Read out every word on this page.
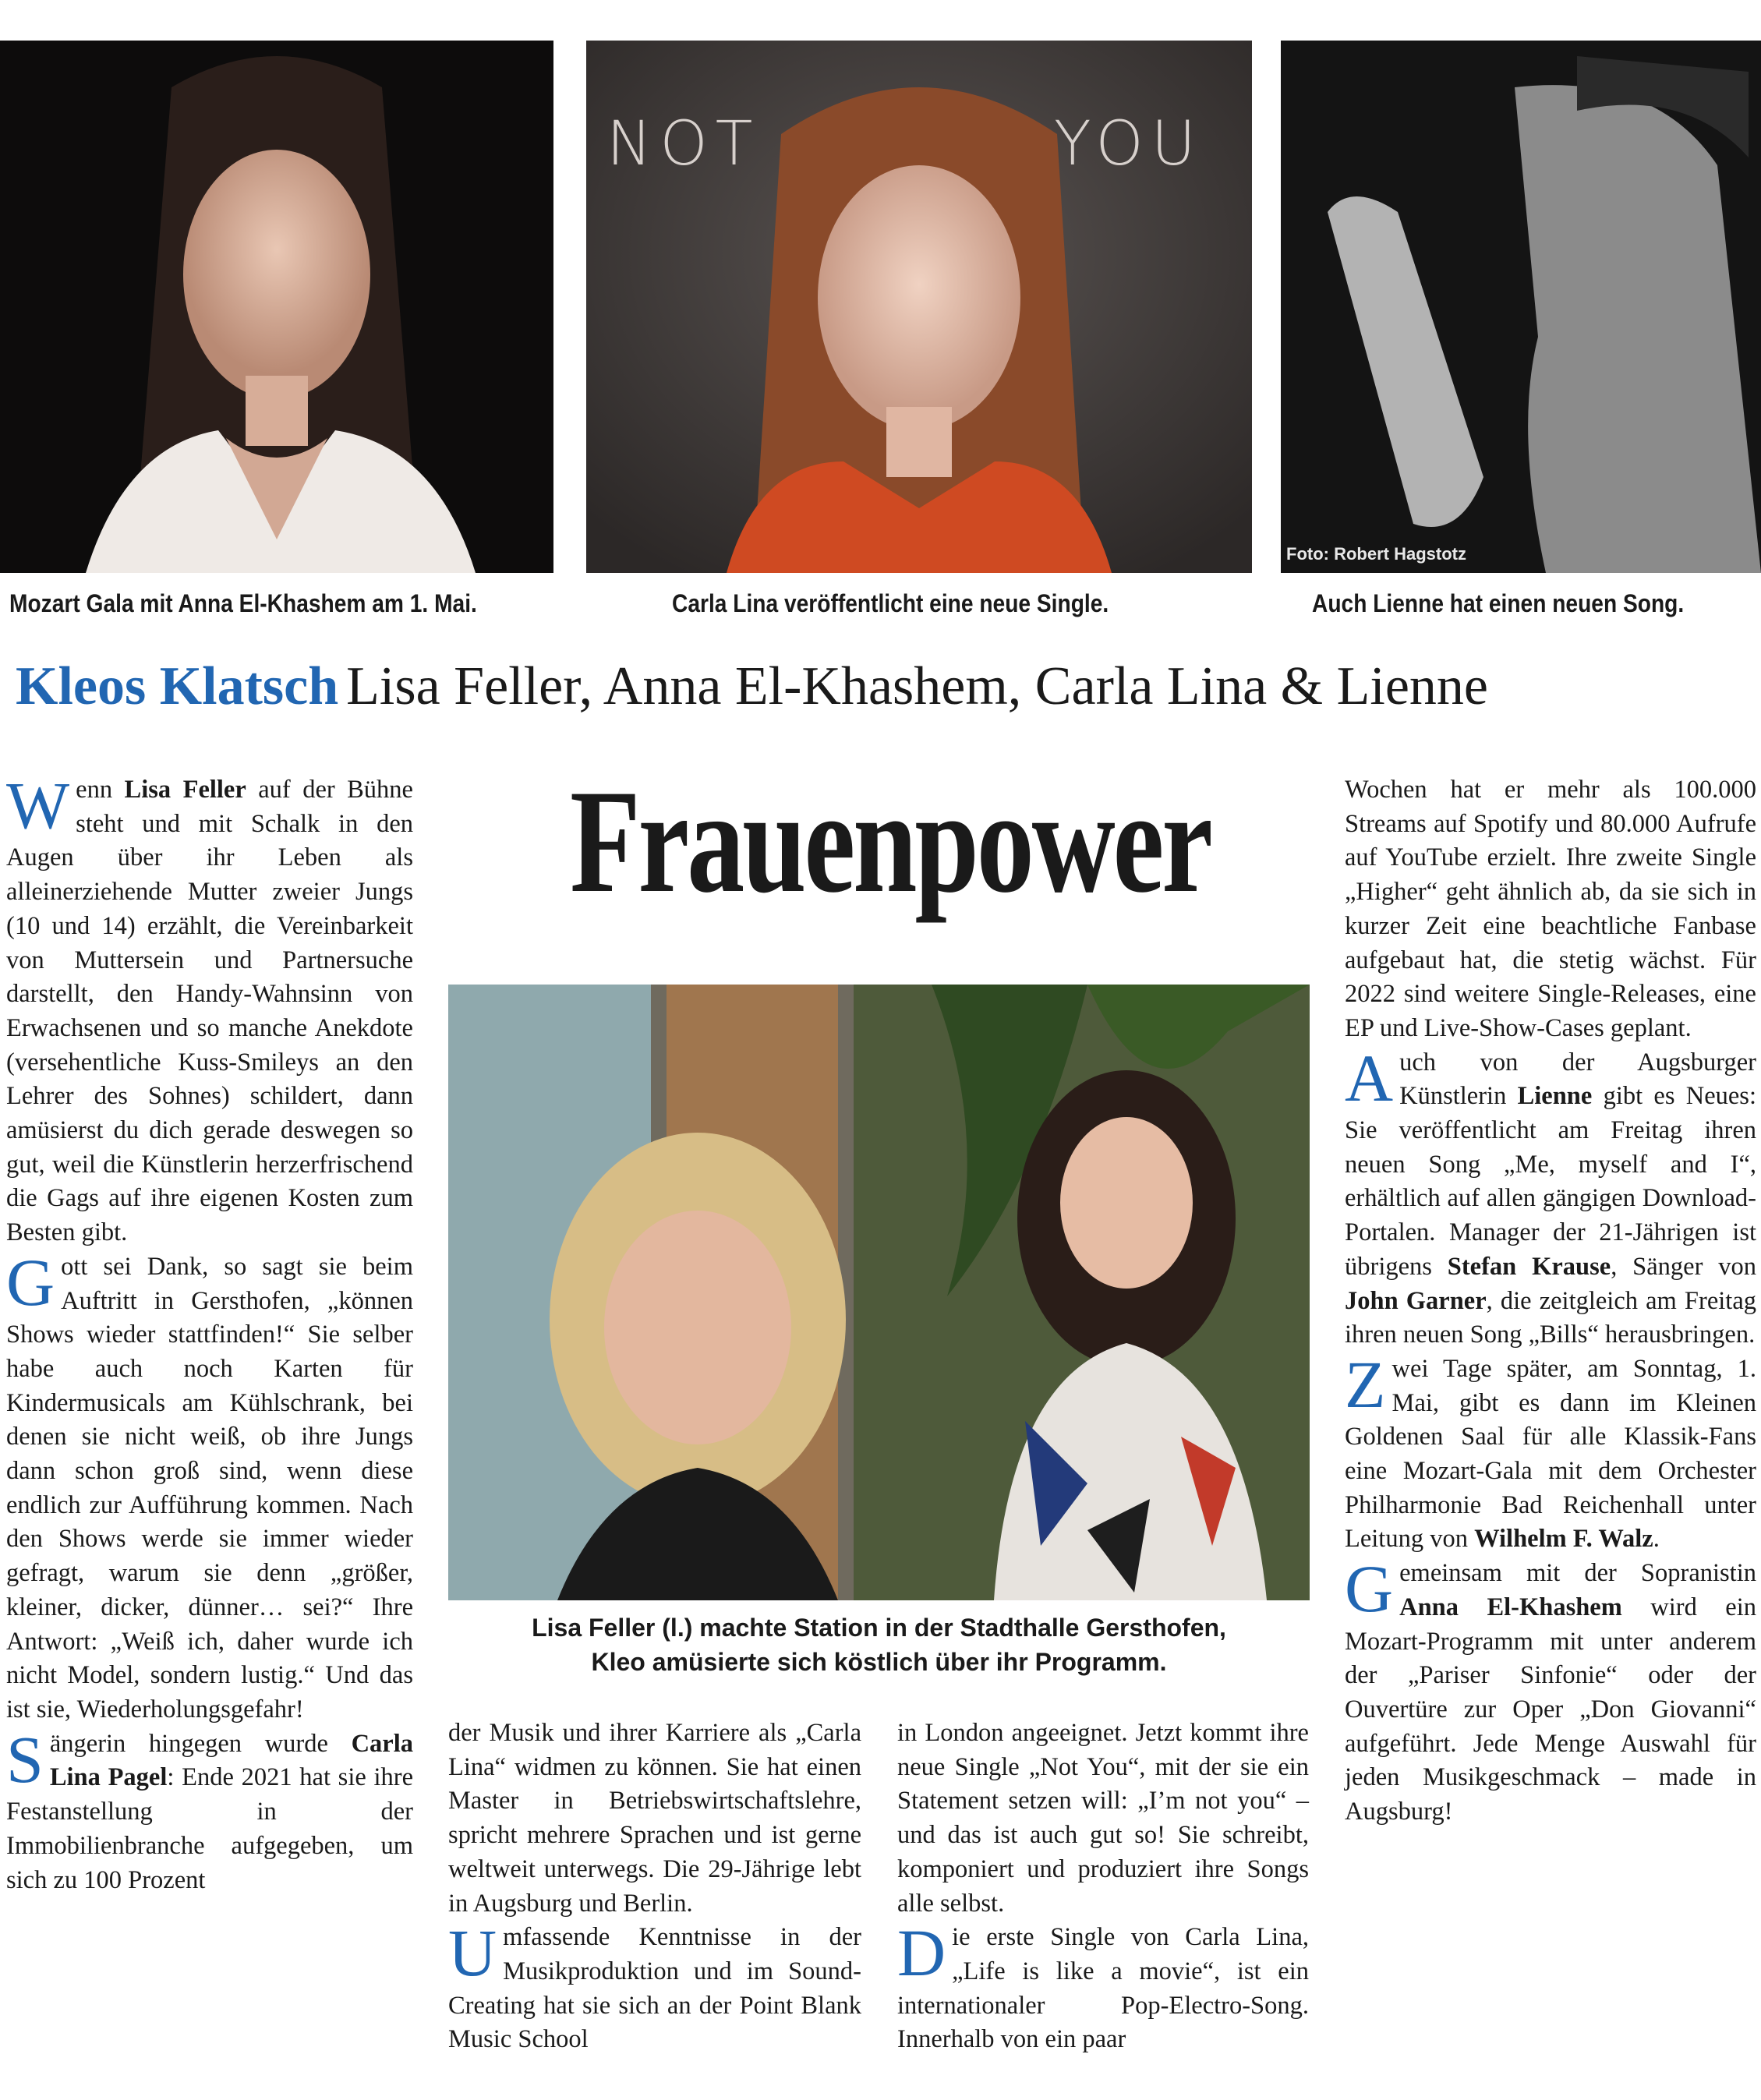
NOT	YOU
Foto: Robert Hagstotz
Mozart Gala mit Anna El-Khashem am 1. Mai.	Carla Lina veröffentlicht eine neue Single.	Auch Lienne hat einen neuen Song.
Kleos Klatsch Lisa Feller, Anna El-Khashem, Carla Lina & Lienne
Frauenpower
Lisa Feller (l.) machte Station in der Stadthalle Gersthofen,
Kleo amüsierte sich köstlich über ihr Programm.

Wenn Lisa Feller auf der Bühne steht und mit Schalk in den Augen über ihr Leben als alleinerziehende Mutter zweier Jungs (10 und 14) erzählt, die Vereinbarkeit von Muttersein und Partnersuche darstellt, den Handy-Wahnsinn von Erwachsenen und so manche Anekdote (versehentliche Kuss-Smileys an den Lehrer des Sohnes) schildert, dann amüsierst du dich gerade deswegen so gut, weil die Künstlerin herzerfrischend die Gags auf ihre eigenen Kosten zum Besten gibt.

Gott sei Dank, so sagt sie beim Auftritt in Gersthofen, „können Shows wieder stattfinden!“ Sie selber habe auch noch Karten für Kindermusicals am Kühlschrank, bei denen sie nicht weiß, ob ihre Jungs dann schon groß sind, wenn diese endlich zur Aufführung kommen. Nach den Shows werde sie immer wieder gefragt, warum sie denn „größer, kleiner, dicker, dünner… sei?“ Ihre Antwort: „Weiß ich, daher wurde ich nicht Model, sondern lustig.“ Und das ist sie, Wiederholungsgefahr!

Sängerin hingegen wurde Carla Lina Pagel: Ende 2021 hat sie ihre Festanstellung in der Immobilienbranche aufgegeben, um sich zu 100 Prozent

der Musik und ihrer Karriere als „Carla Lina“ widmen zu können. Sie hat einen Master in Betriebswirtschaftslehre, spricht mehrere Sprachen und ist gerne weltweit unterwegs. Die 29-Jährige lebt in Augsburg und Berlin.

Umfassende Kenntnisse in der Musikproduktion und im Sound-Creating hat sie sich an der Point Blank Music School

in London angeeignet. Jetzt kommt ihre neue Single „Not You“, mit der sie ein Statement setzen will: „I’m not you“ – und das ist auch gut so! Sie schreibt, komponiert und produziert ihre Songs alle selbst.

Die erste Single von Carla Lina, „Life is like a movie“, ist ein internationaler Pop-Electro-Song. Innerhalb von ein paar

Wochen hat er mehr als 100.000 Streams auf Spotify und 80.000 Aufrufe auf YouTube erzielt. Ihre zweite Single „Higher“ geht ähnlich ab, da sie sich in kurzer Zeit eine beachtliche Fanbase aufgebaut hat, die stetig wächst. Für 2022 sind weitere Single-Releases, eine EP und Live-Show-Cases geplant.

Auch von der Augsburger Künstlerin Lienne gibt es Neues: Sie veröffentlicht am Freitag ihren neuen Song „Me, myself and I“, erhältlich auf allen gängigen Download-Portalen. Manager der 21-Jährigen ist übrigens Stefan Krause, Sänger von John Garner, die zeitgleich am Freitag ihren neuen Song „Bills“ herausbringen.

Zwei Tage später, am Sonntag, 1. Mai, gibt es dann im Kleinen Goldenen Saal für alle Klassik-Fans eine Mozart-Gala mit dem Orchester Philharmonie Bad Reichenhall unter Leitung von Wilhelm F. Walz.

Gemeinsam mit der Sopranistin Anna El-Khashem wird ein Mozart-Programm mit unter anderem der „Pariser Sinfonie“ oder der Ouvertüre zur Oper „Don Giovanni“ aufgeführt. Jede Menge Auswahl für jeden Musikgeschmack – made in Augsburg!
